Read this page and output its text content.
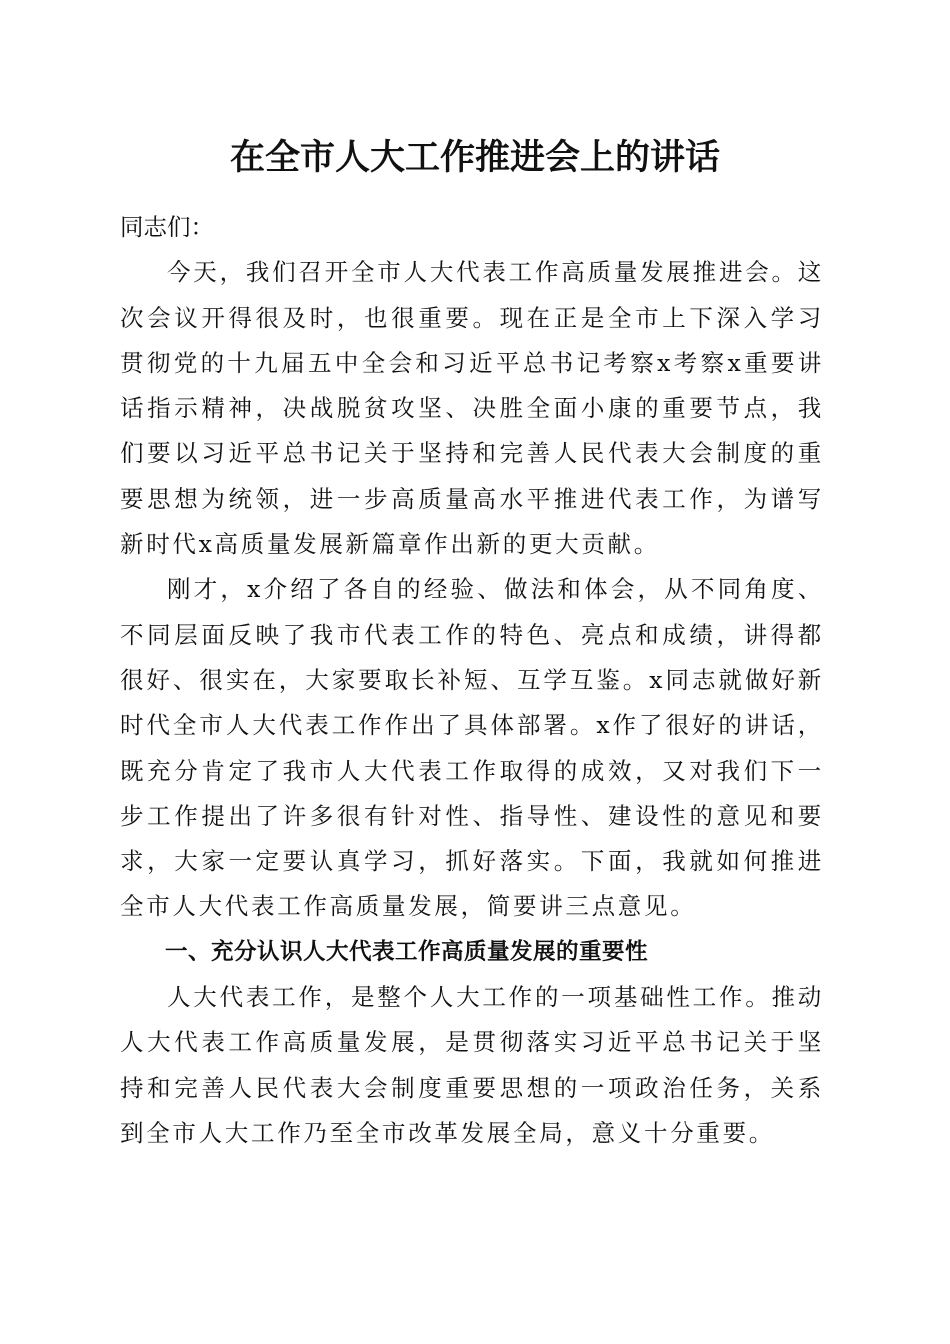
在全市人大工作推进会上的讲话

同志们：

今天，我们召开全市人大代表工作高质量发展推进会。这次会议开得很及时，也很重要。现在正是全市上下深入学习贯彻党的十九届五中全会和习近平总书记考察x考察x重要讲话指示精神，决战脱贫攻坚、决胜全面小康的重要节点，我们要以习近平总书记关于坚持和完善人民代表大会制度的重要思想为统领，进一步高质量高水平推进代表工作，为谱写新时代x高质量发展新篇章作出新的更大贡献。

刚才，x介绍了各自的经验、做法和体会，从不同角度、不同层面反映了我市代表工作的特色、亮点和成绩，讲得都很好、很实在，大家要取长补短、互学互鉴。x同志就做好新时代全市人大代表工作作出了具体部署。x作了很好的讲话，既充分肯定了我市人大代表工作取得的成效，又对我们下一步工作提出了许多很有针对性、指导性、建设性的意见和要求，大家一定要认真学习，抓好落实。下面，我就如何推进全市人大代表工作高质量发展，简要讲三点意见。

一、充分认识人大代表工作高质量发展的重要性

人大代表工作，是整个人大工作的一项基础性工作。推动人大代表工作高质量发展，是贯彻落实习近平总书记关于坚持和完善人民代表大会制度重要思想的一项政治任务，关系到全市人大工作乃至全市改革发展全局，意义十分重要。
